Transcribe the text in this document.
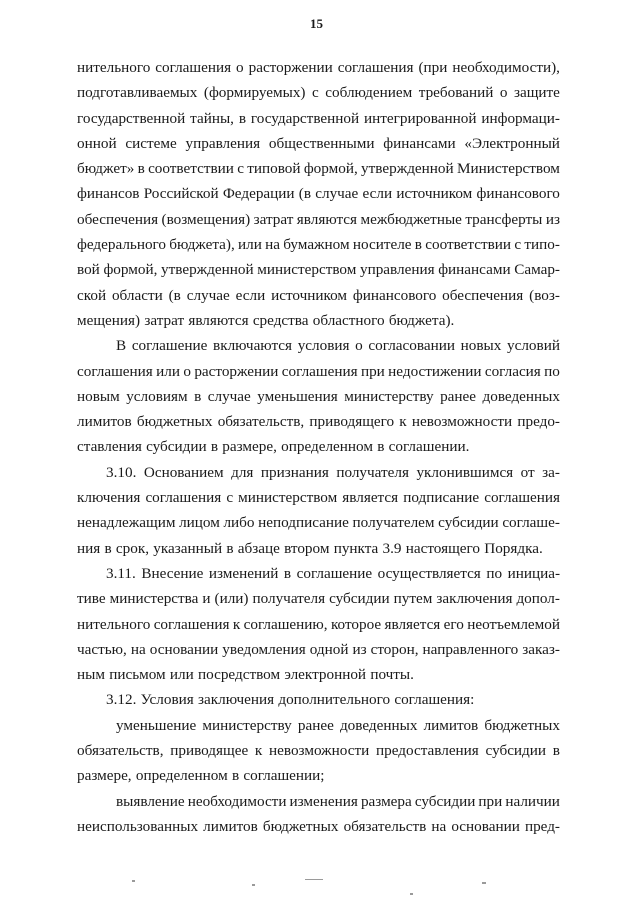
15
нительного соглашения о расторжении соглашения (при необходимости),
подготавливаемых (формируемых) с соблюдением требований о защите
государственной тайны, в государственной интегрированной информаци-
онной системе управления общественными финансами «Электронный
бюджет» в соответствии с типовой формой, утвержденной Министерством
финансов Российской Федерации (в случае если источником финансового
обеспечения (возмещения) затрат являются межбюджетные трансферты из
федерального бюджета), или на бумажном носителе в соответствии с типо-
вой формой, утвержденной министерством управления финансами Самар-
ской области (в случае если источником финансового обеспечения (воз-
мещения) затрат являются средства областного бюджета).
В соглашение включаются условия о согласовании новых условий
соглашения или о расторжении соглашения при недостижении согласия по
новым условиям в случае уменьшения министерству ранее доведенных
лимитов бюджетных обязательств, приводящего к невозможности предо-
ставления субсидии в размере, определенном в соглашении.
3.10. Основанием для признания получателя уклонившимся от за-
ключения соглашения с министерством является подписание соглашения
ненадлежащим лицом либо неподписание получателем субсидии соглаше-
ния в срок, указанный в абзаце втором пункта 3.9 настоящего Порядка.
3.11. Внесение изменений в соглашение осуществляется по инициа-
тиве министерства и (или) получателя субсидии путем заключения допол-
нительного соглашения к соглашению, которое является его неотъемлемой
частью, на основании уведомления одной из сторон, направленного заказ-
ным письмом или посредством электронной почты.
3.12. Условия заключения дополнительного соглашения:
уменьшение министерству ранее доведенных лимитов бюджетных
обязательств, приводящее к невозможности предоставления субсидии в
размере, определенном в соглашении;
выявление необходимости изменения размера субсидии при наличии
неиспользованных лимитов бюджетных обязательств на основании пред-
